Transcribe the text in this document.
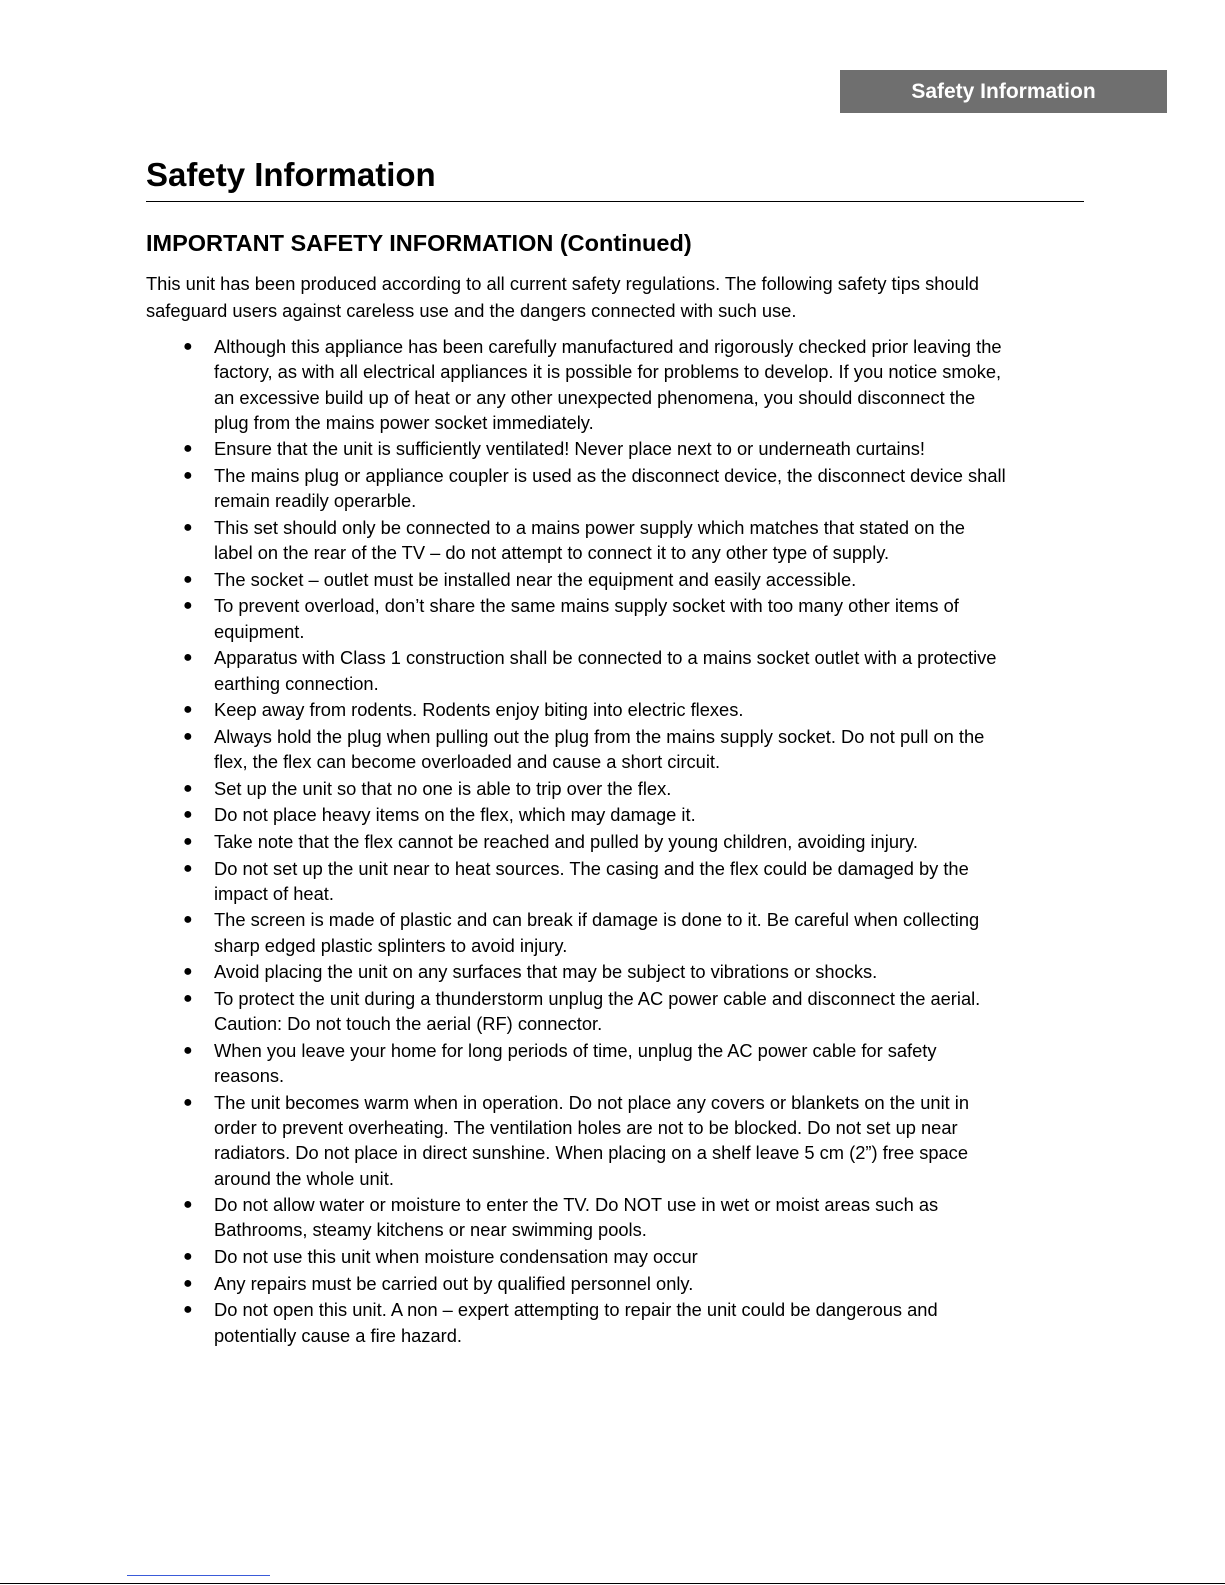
Safety Information
Safety Information
IMPORTANT SAFETY INFORMATION (Continued)

This unit has been produced according to all current safety regulations. The following safety tips should safeguard users against careless use and the dangers connected with such use.

● Although this appliance has been carefully manufactured and rigorously checked prior leaving the factory, as with all electrical appliances it is possible for problems to develop. If you notice smoke, an excessive build up of heat or any other unexpected phenomena, you should disconnect the plug from the mains power socket immediately.
● Ensure that the unit is sufficiently ventilated! Never place next to or underneath curtains!
● The mains plug or appliance coupler is used as the disconnect device, the disconnect device shall remain readily operarble.
● This set should only be connected to a mains power supply which matches that stated on the label on the rear of the TV – do not attempt to connect it to any other type of supply.
● The socket – outlet must be installed near the equipment and easily accessible.
● To prevent overload, don’t share the same mains supply socket with too many other items of equipment.
● Apparatus with Class 1 construction shall be connected to a mains socket outlet with a protective earthing connection.
● Keep away from rodents. Rodents enjoy biting into electric flexes.
● Always hold the plug when pulling out the plug from the mains supply socket. Do not pull on the flex, the flex can become overloaded and cause a short circuit.
● Set up the unit so that no one is able to trip over the flex.
● Do not place heavy items on the flex, which may damage it.
● Take note that the flex cannot be reached and pulled by young children, avoiding injury.
● Do not set up the unit near to heat sources. The casing and the flex could be damaged by the impact of heat.
● The screen is made of plastic and can break if damage is done to it. Be careful when collecting sharp edged plastic splinters to avoid injury.
● Avoid placing the unit on any surfaces that may be subject to vibrations or shocks.
● To protect the unit during a thunderstorm unplug the AC power cable and disconnect the aerial. Caution: Do not touch the aerial (RF) connector.
● When you leave your home for long periods of time, unplug the AC power cable for safety reasons.
● The unit becomes warm when in operation. Do not place any covers or blankets on the unit in order to prevent overheating. The ventilation holes are not to be blocked. Do not set up near radiators. Do not place in direct sunshine. When placing on a shelf leave 5 cm (2”) free space around the whole unit.
● Do not allow water or moisture to enter the TV. Do NOT use in wet or moist areas such as Bathrooms, steamy kitchens or near swimming pools.
● Do not use this unit when moisture condensation may occur
● Any repairs must be carried out by qualified personnel only.
● Do not open this unit. A non – expert attempting to repair the unit could be dangerous and potentially cause a fire hazard.
